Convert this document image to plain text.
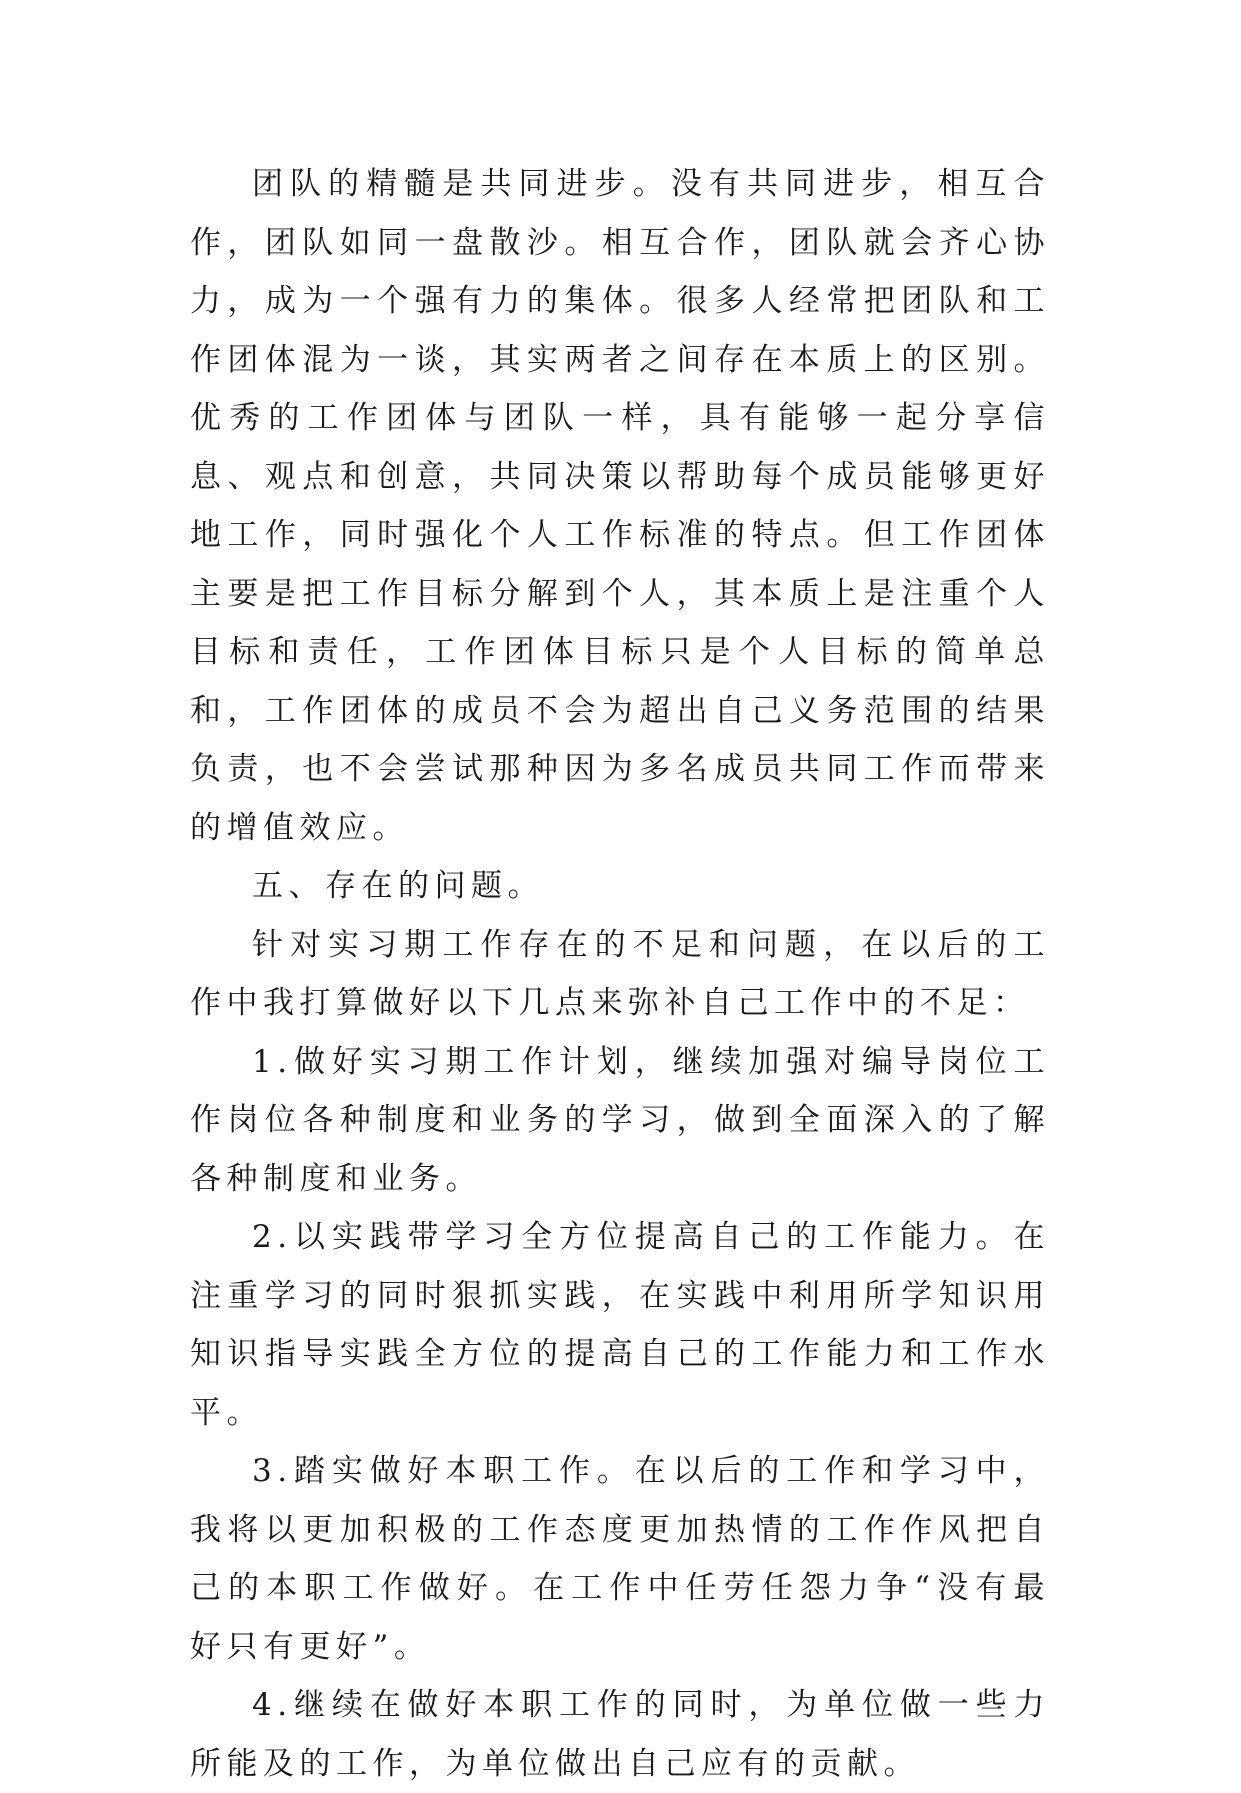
团队的精髓是共同进步。没有共同进步，相互合作，团队如同一盘散沙。相互合作，团队就会齐心协力，成为一个强有力的集体。很多人经常把团队和工作团体混为一谈，其实两者之间存在本质上的区别。优秀的工作团体与团队一样，具有能够一起分享信息、观点和创意，共同决策以帮助每个成员能够更好地工作，同时强化个人工作标准的特点。但工作团体主要是把工作目标分解到个人，其本质上是注重个人目标和责任，工作团体目标只是个人目标的简单总和，工作团体的成员不会为超出自己义务范围的结果负责，也不会尝试那种因为多名成员共同工作而带来的增值效应。

五、存在的问题。

针对实习期工作存在的不足和问题，在以后的工作中我打算做好以下几点来弥补自己工作中的不足：

1.做好实习期工作计划，继续加强对编导岗位工作岗位各种制度和业务的学习，做到全面深入的了解各种制度和业务。

2.以实践带学习全方位提高自己的工作能力。在注重学习的同时狠抓实践，在实践中利用所学知识用知识指导实践全方位的提高自己的工作能力和工作水平。

3.踏实做好本职工作。在以后的工作和学习中，我将以更加积极的工作态度更加热情的工作作风把自己的本职工作做好。在工作中任劳任怨力争“没有最好只有更好”。

4.继续在做好本职工作的同时，为单位做一些力所能及的工作，为单位做出自己应有的贡献。
